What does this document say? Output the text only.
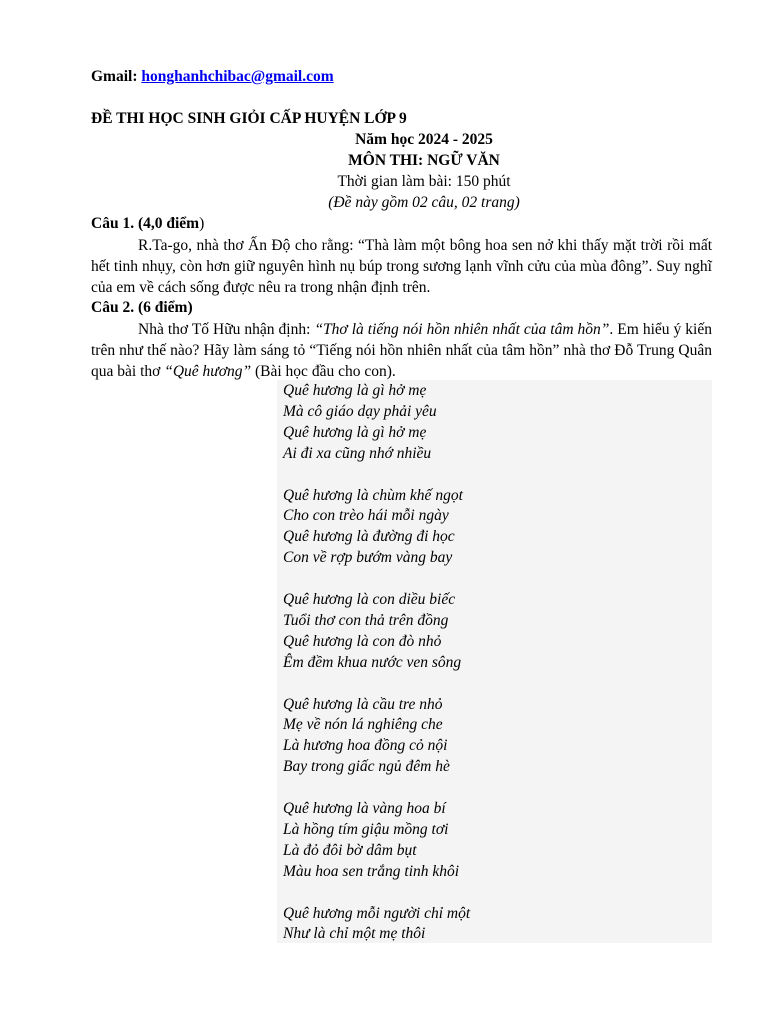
Gmail: honghanhchibac@gmail.com
ĐỀ THI HỌC SINH GIỎI CẤP HUYỆN LỚP 9
Năm học 2024 - 2025
MÔN THI: NGỮ VĂN
Thời gian làm bài: 150 phút
(Đề này gồm 02 câu, 02 trang)
Câu 1. (4,0 điểm)
R.Ta-go, nhà thơ Ấn Độ cho rằng: “Thà làm một bông hoa sen nở khi thấy mặt trời rồi mất hết tinh nhụy, còn hơn giữ nguyên hình nụ búp trong sương lạnh vĩnh cửu của mùa đông”. Suy nghĩ của em về cách sống được nêu ra trong nhận định trên.
Câu 2. (6 điểm)
Nhà thơ Tố Hữu nhận định: “Thơ là tiếng nói hồn nhiên nhất của tâm hồn”. Em hiểu ý kiến trên như thế nào? Hãy làm sáng tỏ “Tiếng nói hồn nhiên nhất của tâm hồn” nhà thơ Đỗ Trung Quân qua bài thơ “Quê hương” (Bài học đầu cho con).
Quê hương là gì hở mẹ
Mà cô giáo dạy phải yêu
Quê hương là gì hở mẹ
Ai đi xa cũng nhớ nhiều
Quê hương là chùm khế ngọt
Cho con trèo hái mỗi ngày
Quê hương là đường đi học
Con về rợp bướm vàng bay
Quê hương là con diều biếc
Tuổi thơ con thả trên đồng
Quê hương là con đò nhỏ
Êm đềm khua nước ven sông
Quê hương là cầu tre nhỏ
Mẹ về nón lá nghiêng che
Là hương hoa đồng cỏ nội
Bay trong giấc ngủ đêm hè
Quê hương là vàng hoa bí
Là hồng tím giậu mồng tơi
Là đỏ đôi bờ dâm bụt
Màu hoa sen trắng tinh khôi
Quê hương mỗi người chỉ một
Như là chỉ một mẹ thôi
